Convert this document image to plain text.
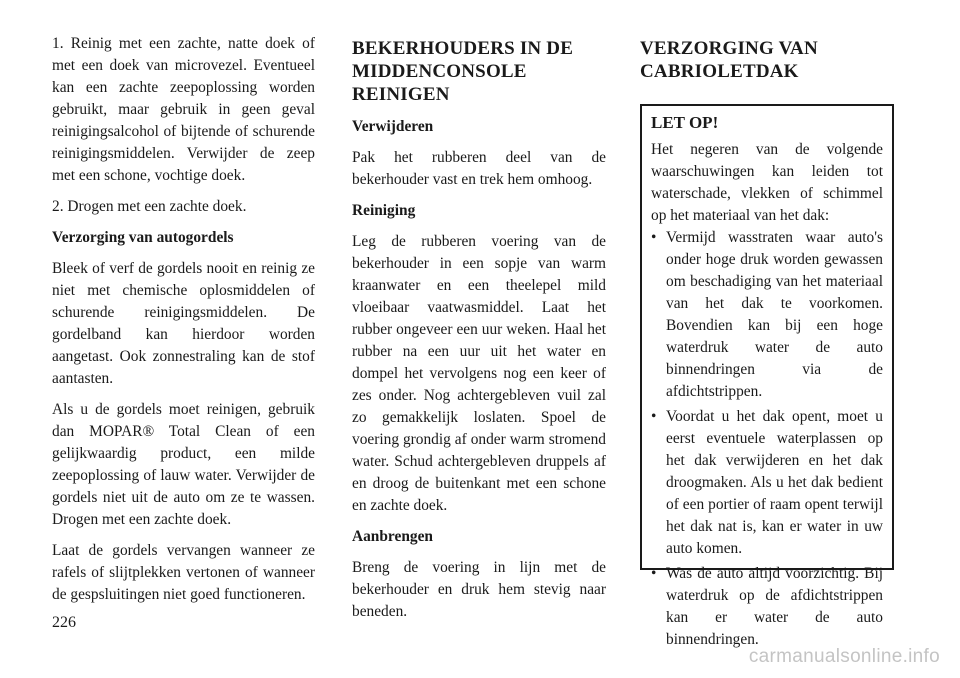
1. Reinig met een zachte, natte doek of met een doek van microvezel. Eventueel kan een zachte zeepoplossing worden gebruikt, maar gebruik in geen geval reinigingsalcohol of bijtende of schurende reinigingsmiddelen. Verwijder de zeep met een schone, vochtige doek.

2. Drogen met een zachte doek.

Verzorging van autogordels

Bleek of verf de gordels nooit en reinig ze niet met chemische oplosmiddelen of schurende reinigingsmiddelen. De gordelband kan hierdoor worden aangetast. Ook zonnestraling kan de stof aantasten.

Als u de gordels moet reinigen, gebruik dan MOPAR® Total Clean of een gelijkwaardig product, een milde zeepoplossing of lauw water. Verwijder de gordels niet uit de auto om ze te wassen. Drogen met een zachte doek.

Laat de gordels vervangen wanneer ze rafels of slijtplekken vertonen of wanneer de gespsluitingen niet goed functioneren.

BEKERHOUDERS IN DE MIDDENCONSOLE REINIGEN

Verwijderen

Pak het rubberen deel van de bekerhouder vast en trek hem omhoog.

Reiniging

Leg de rubberen voering van de bekerhouder in een sopje van warm kraanwater en een theelepel mild vloeibaar vaatwasmiddel. Laat het rubber ongeveer een uur weken. Haal het rubber na een uur uit het water en dompel het vervolgens nog een keer of zes onder. Nog achtergebleven vuil zal zo gemakkelijk loslaten. Spoel de voering grondig af onder warm stromend water. Schud achtergebleven druppels af en droog de buitenkant met een schone en zachte doek.

Aanbrengen

Breng de voering in lijn met de bekerhouder en druk hem stevig naar beneden.

VERZORGING VAN CABRIOLETDAK

LET OP!

Het negeren van de volgende waarschuwingen kan leiden tot waterschade, vlekken of schimmel op het materiaal van het dak:

• Vermijd wasstraten waar auto's onder hoge druk worden gewassen om beschadiging van het materiaal van het dak te voorkomen. Bovendien kan bij een hoge waterdruk water de auto binnendringen via de afdichtstrippen.
• Voordat u het dak opent, moet u eerst eventuele waterplassen op het dak verwijderen en het dak droogmaken. Als u het dak bedient of een portier of raam opent terwijl het dak nat is, kan er water in uw auto komen.
• Was de auto altijd voorzichtig. Bij waterdruk op de afdichtstrippen kan er water de auto binnendringen.
226
carmanualsonline.info
